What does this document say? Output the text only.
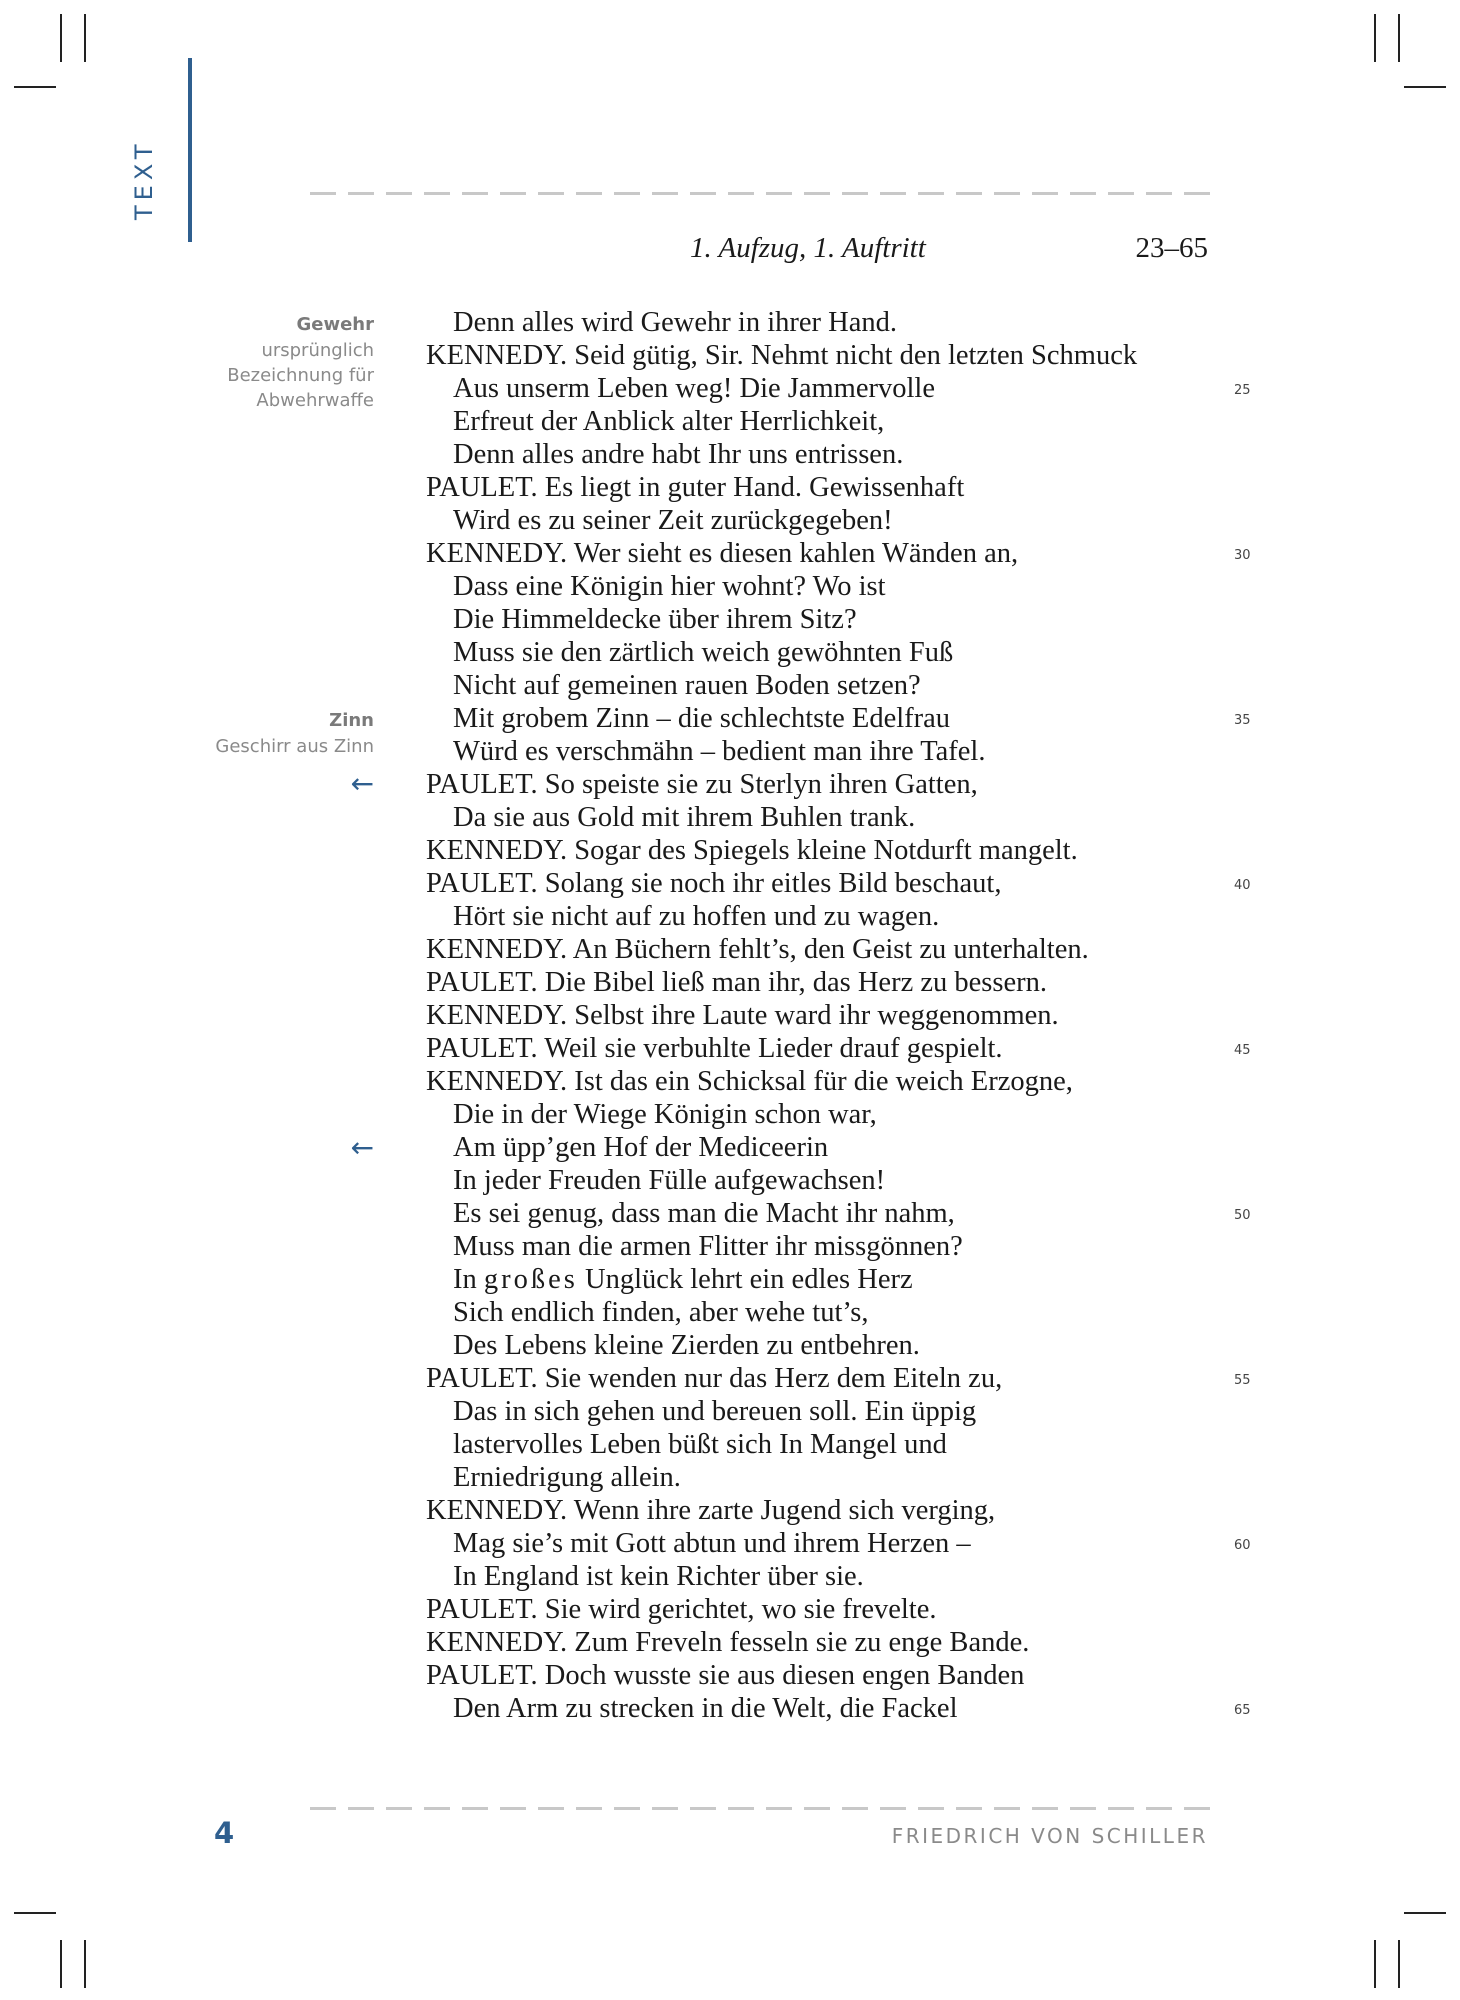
TEXT
1. Aufzug, 1. Auftritt	23–65
Gewehr
ursprünglich
Bezeichnung für
Abwehrwaffe
Zinn
Geschirr aus Zinn
←
←
Denn alles wird Gewehr in ihrer Hand.
KENNEDY. Seid gütig, Sir. Nehmt nicht den letzten Schmuck
Aus unserm Leben weg! Die Jammervolle	25
Erfreut der Anblick alter Herrlichkeit,
Denn alles andre habt Ihr uns entrissen.
PAULET. Es liegt in guter Hand. Gewissenhaft
Wird es zu seiner Zeit zurückgegeben!
KENNEDY. Wer sieht es diesen kahlen Wänden an,	30
Dass eine Königin hier wohnt? Wo ist
Die Himmeldecke über ihrem Sitz?
Muss sie den zärtlich weich gewöhnten Fuß
Nicht auf gemeinen rauen Boden setzen?
Mit grobem Zinn – die schlechtste Edelfrau	35
Würd es verschmähn – bedient man ihre Tafel.
PAULET. So speiste sie zu Sterlyn ihren Gatten,
Da sie aus Gold mit ihrem Buhlen trank.
KENNEDY. Sogar des Spiegels kleine Notdurft mangelt.
PAULET. Solang sie noch ihr eitles Bild beschaut,	40
Hört sie nicht auf zu hoffen und zu wagen.
KENNEDY. An Büchern fehlt’s, den Geist zu unterhalten.
PAULET. Die Bibel ließ man ihr, das Herz zu bessern.
KENNEDY. Selbst ihre Laute ward ihr weggenommen.
PAULET. Weil sie verbuhlte Lieder drauf gespielt.	45
KENNEDY. Ist das ein Schicksal für die weich Erzogne,
Die in der Wiege Königin schon war,
Am üpp’gen Hof der Mediceerin
In jeder Freuden Fülle aufgewachsen!
Es sei genug, dass man die Macht ihr nahm,	50
Muss man die armen Flitter ihr missgönnen?
In großes Unglück lehrt ein edles Herz
Sich endlich finden, aber wehe tut’s,
Des Lebens kleine Zierden zu entbehren.
PAULET. Sie wenden nur das Herz dem Eiteln zu,	55
Das in sich gehen und bereuen soll. Ein üppig
lastervolles Leben büßt sich In Mangel und
Erniedrigung allein.
KENNEDY. Wenn ihre zarte Jugend sich verging,
Mag sie’s mit Gott abtun und ihrem Herzen –	60
In England ist kein Richter über sie.
PAULET. Sie wird gerichtet, wo sie frevelte.
KENNEDY. Zum Freveln fesseln sie zu enge Bande.
PAULET. Doch wusste sie aus diesen engen Banden
Den Arm zu strecken in die Welt, die Fackel	65
4	FRIEDRICH VON SCHILLER
